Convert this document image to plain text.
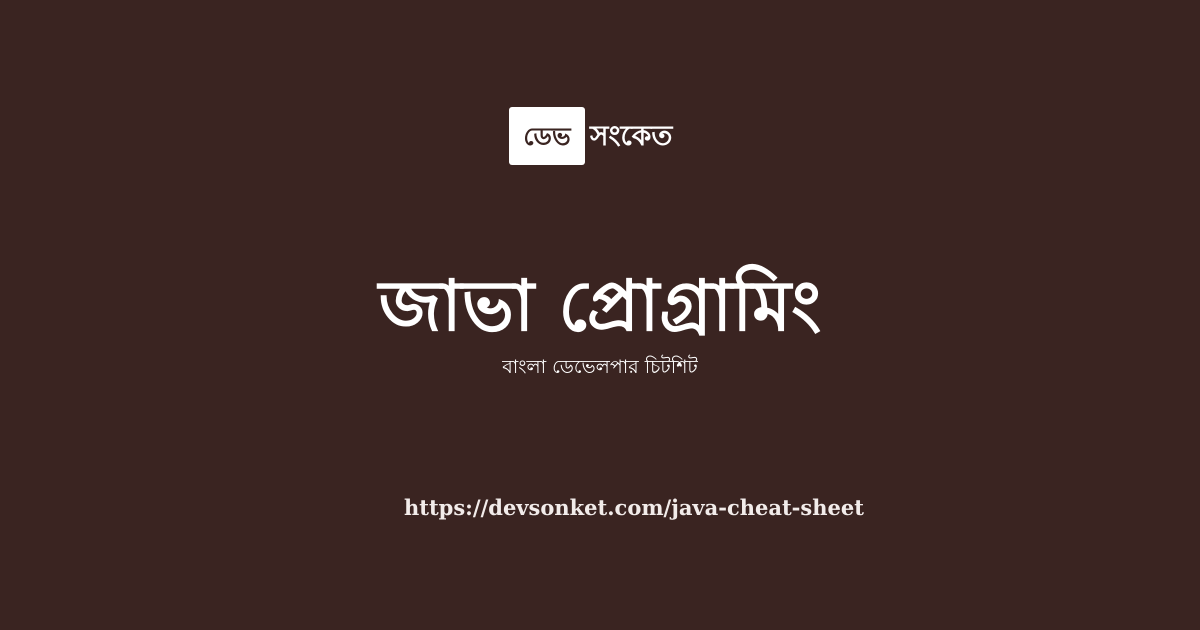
ডেভ সংকেত
জাভা প্রোগ্রামিং
বাংলা ডেভেলপার চিটশিট
https://devsonket.com/java-cheat-sheet
